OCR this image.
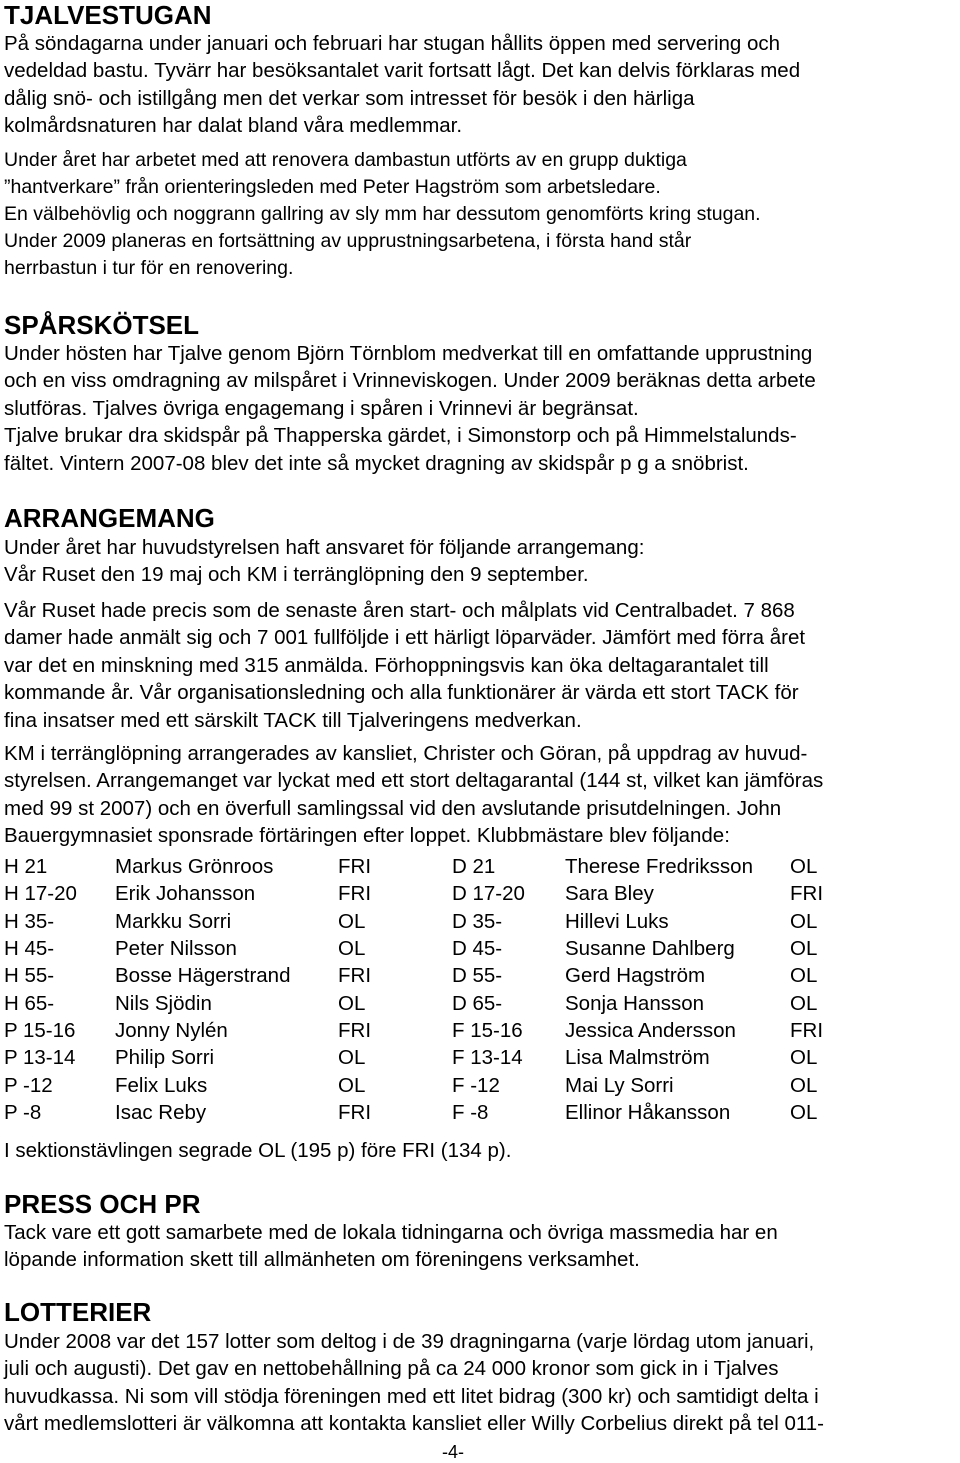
TJALVESTUGAN
På söndagarna under januari och februari har stugan hållits öppen med servering och
vedeldad bastu. Tyvärr har besöksantalet varit fortsatt lågt. Det kan delvis förklaras med
dålig snö- och istillgång men det verkar som intresset för besök i den härliga
kolmårdsnaturen har dalat bland våra medlemmar.
Under året har arbetet med att renovera dambastun utförts av en grupp duktiga
”hantverkare” från orienteringsleden med Peter Hagström som arbetsledare.
En välbehövlig och noggrann gallring av sly mm har dessutom genomförts kring stugan.
Under 2009 planeras en fortsättning av upprustningsarbetena, i första hand står
herrbastun i tur för en renovering.
SPÅRSKÖTSEL
Under hösten har Tjalve genom Björn Törnblom medverkat till en omfattande upprustning
och en viss omdragning av milspåret i Vrinneviskogen. Under 2009 beräknas detta arbete
slutföras. Tjalves övriga engagemang i spåren i Vrinnevi är begränsat.
Tjalve brukar dra skidspår på Thapperska gärdet, i Simonstorp och på Himmelstalunds-
fältet. Vintern 2007-08 blev det inte så mycket dragning av skidspår p g a snöbrist.
ARRANGEMANG
Under året har huvudstyrelsen haft ansvaret för följande arrangemang:
Vår Ruset den 19 maj och KM i terränglöpning den 9 september.
Vår Ruset hade precis som de senaste åren start- och målplats vid Centralbadet. 7 868
damer hade anmält sig och 7 001 fullföljde i ett härligt löparväder. Jämfört med förra året
var det en minskning med 315 anmälda. Förhoppningsvis kan öka deltagarantalet till
kommande år. Vår organisationsledning och alla funktionärer är värda ett stort TACK för
fina insatser med ett särskilt TACK till Tjalveringens medverkan.
KM i terränglöpning arrangerades av kansliet, Christer och Göran, på uppdrag av huvud-
styrelsen. Arrangemanget var lyckat med ett stort deltagarantal (144 st, vilket kan jämföras
med 99 st 2007) och en överfull samlingssal vid den avslutande prisutdelningen. John
Bauergymnasiet sponsrade förtäringen efter loppet. Klubbmästare blev följande:
H 21	Markus Grönroos	FRI	D 21	Therese Fredriksson OL
H 17-20 Erik Johansson	FRI	D 17-20 Sara Bley	FRI
H 35-	Markku Sorri	OL	D 35-	Hillevi Luks	OL
H 45-	Peter Nilsson	OL	D 45-	Susanne Dahlberg	OL
H 55-	Bosse Hägerstrand FRI	D 55-	Gerd Hagström	OL
H 65-	Nils Sjödin	OL	D 65-	Sonja Hansson	OL
P 15-16 Jonny Nylén	FRI	F 15-16 Jessica Andersson	FRI
P 13-14 Philip Sorri	OL	F 13-14 Lisa Malmström	OL
P -12	Felix Luks	OL	F -12	Mai Ly Sorri	OL
P -8	Isac Reby	FRI	F -8	Ellinor Håkansson	OL
I sektionstävlingen segrade OL (195 p) före FRI (134 p).
PRESS OCH PR
Tack vare ett gott samarbete med de lokala tidningarna och övriga massmedia har en
löpande information skett till allmänheten om föreningens verksamhet.
LOTTERIER
Under 2008 var det 157 lotter som deltog i de 39 dragningarna (varje lördag utom januari,
juli och augusti). Det gav en nettobehållning på ca 24 000 kronor som gick in i Tjalves
huvudkassa. Ni som vill stödja föreningen med ett litet bidrag (300 kr) och samtidigt delta i
vårt medlemslotteri är välkomna att kontakta kansliet eller Willy Corbelius direkt på tel 011-
-4-
